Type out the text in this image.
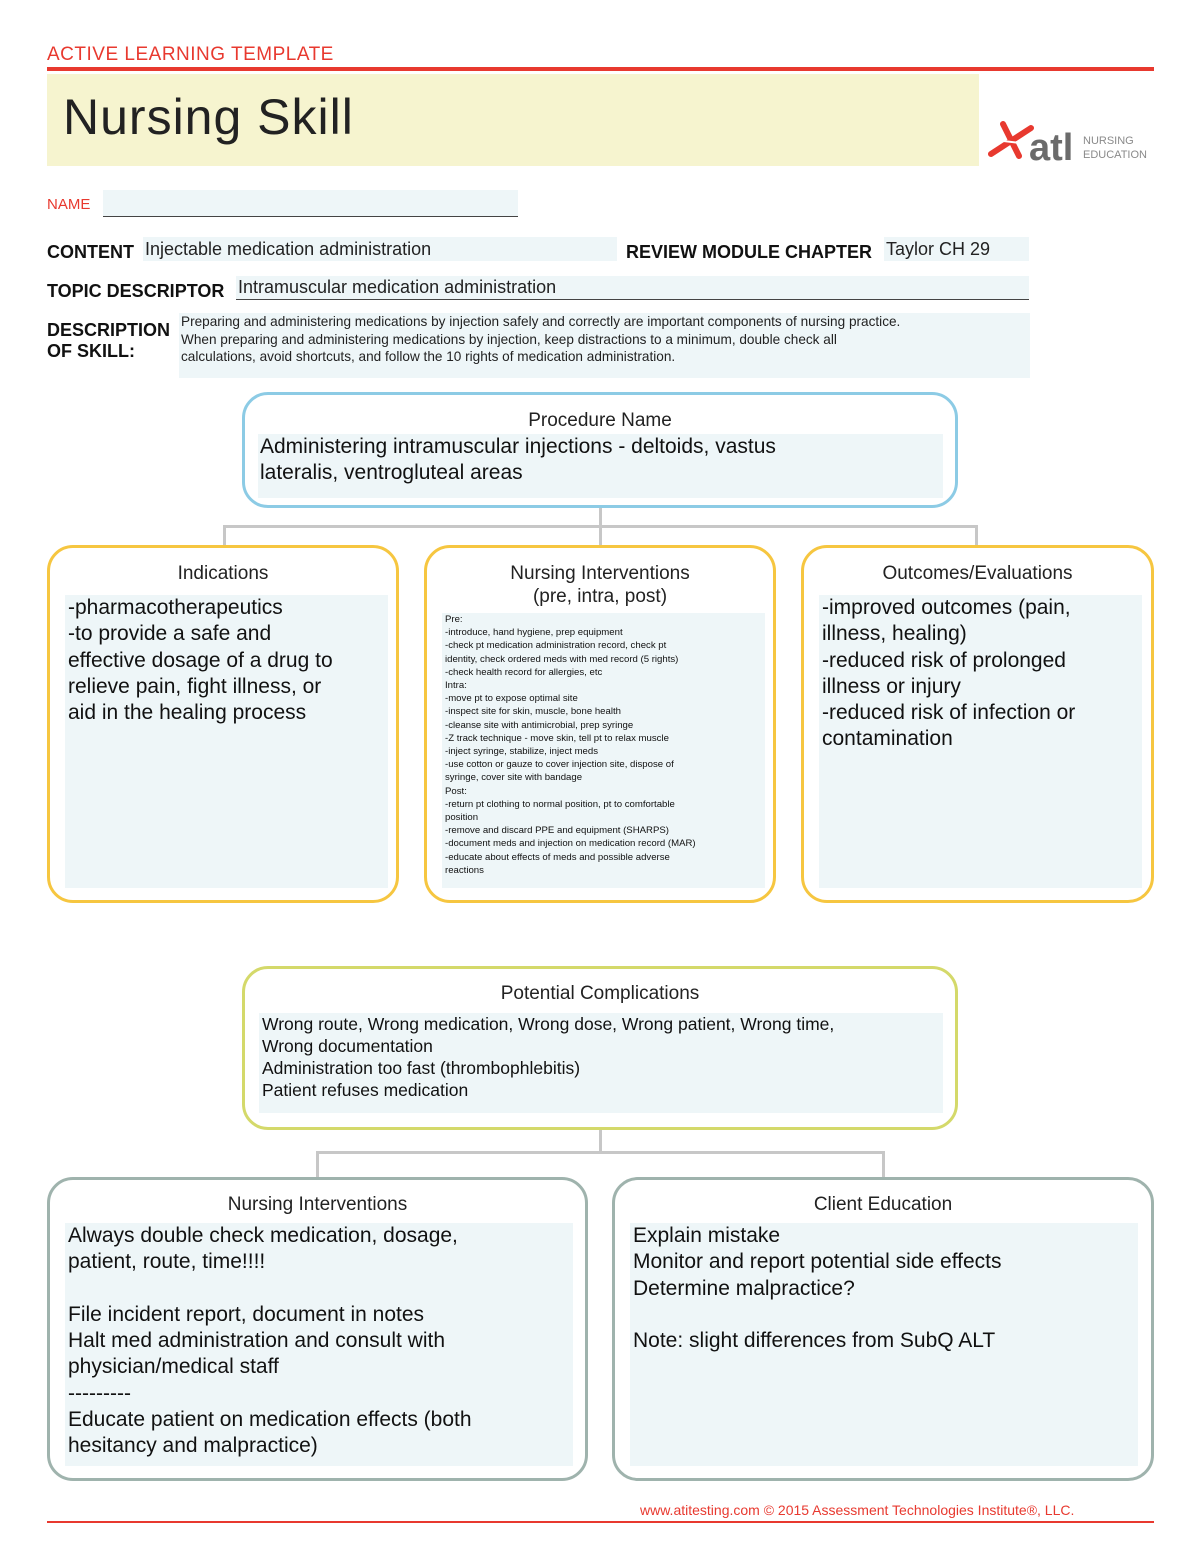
ACTIVE LEARNING TEMPLATE
Nursing Skill
atl NURSING
EDUCATION
NAME
CONTENT Injectable medication administration	REVIEW MODULE CHAPTER Taylor CH 29
TOPIC DESCRIPTOR Intramuscular medication administration
DESCRIPTION
OF SKILL:
Preparing and administering medications by injection safely and correctly are important components of nursing practice.
When preparing and administering medications by injection, keep distractions to a minimum, double check all
calculations, avoid shortcuts, and follow the 10 rights of medication administration.
Procedure Name
Administering intramuscular injections - deltoids, vastus
lateralis, ventrogluteal areas
Indications
-pharmacotherapeutics
-to provide a safe and
effective dosage of a drug to
relieve pain, fight illness, or
aid in the healing process
Nursing Interventions
(pre, intra, post)
Pre:
-introduce, hand hygiene, prep equipment
-check pt medication administration record, check pt
identity, check ordered meds with med record (5 rights)
-check health record for allergies, etc
Intra:
-move pt to expose optimal site
-inspect site for skin, muscle, bone health
-cleanse site with antimicrobial, prep syringe
-Z track technique - move skin, tell pt to relax muscle
-inject syringe, stabilize, inject meds
-use cotton or gauze to cover injection site, dispose of
syringe, cover site with bandage
Post:
-return pt clothing to normal position, pt to comfortable
position
-remove and discard PPE and equipment (SHARPS)
-document meds and injection on medication record (MAR)
-educate about effects of meds and possible adverse
reactions
Outcomes/Evaluations
-improved outcomes (pain,
illness, healing)
-reduced risk of prolonged
illness or injury
-reduced risk of infection or
contamination
Potential Complications
Wrong route, Wrong medication, Wrong dose, Wrong patient, Wrong time,
Wrong documentation
Administration too fast (thrombophlebitis)
Patient refuses medication
Nursing Interventions
Always double check medication, dosage,
patient, route, time!!!!
File incident report, document in notes
Halt med administration and consult with
physician/medical staff
---------
Educate patient on medication effects (both
hesitancy and malpractice)
Client Education
Explain mistake
Monitor and report potential side effects
Determine malpractice?
Note: slight differences from SubQ ALT
www.atitesting.com © 2015 Assessment Technologies Institute®, LLC.
